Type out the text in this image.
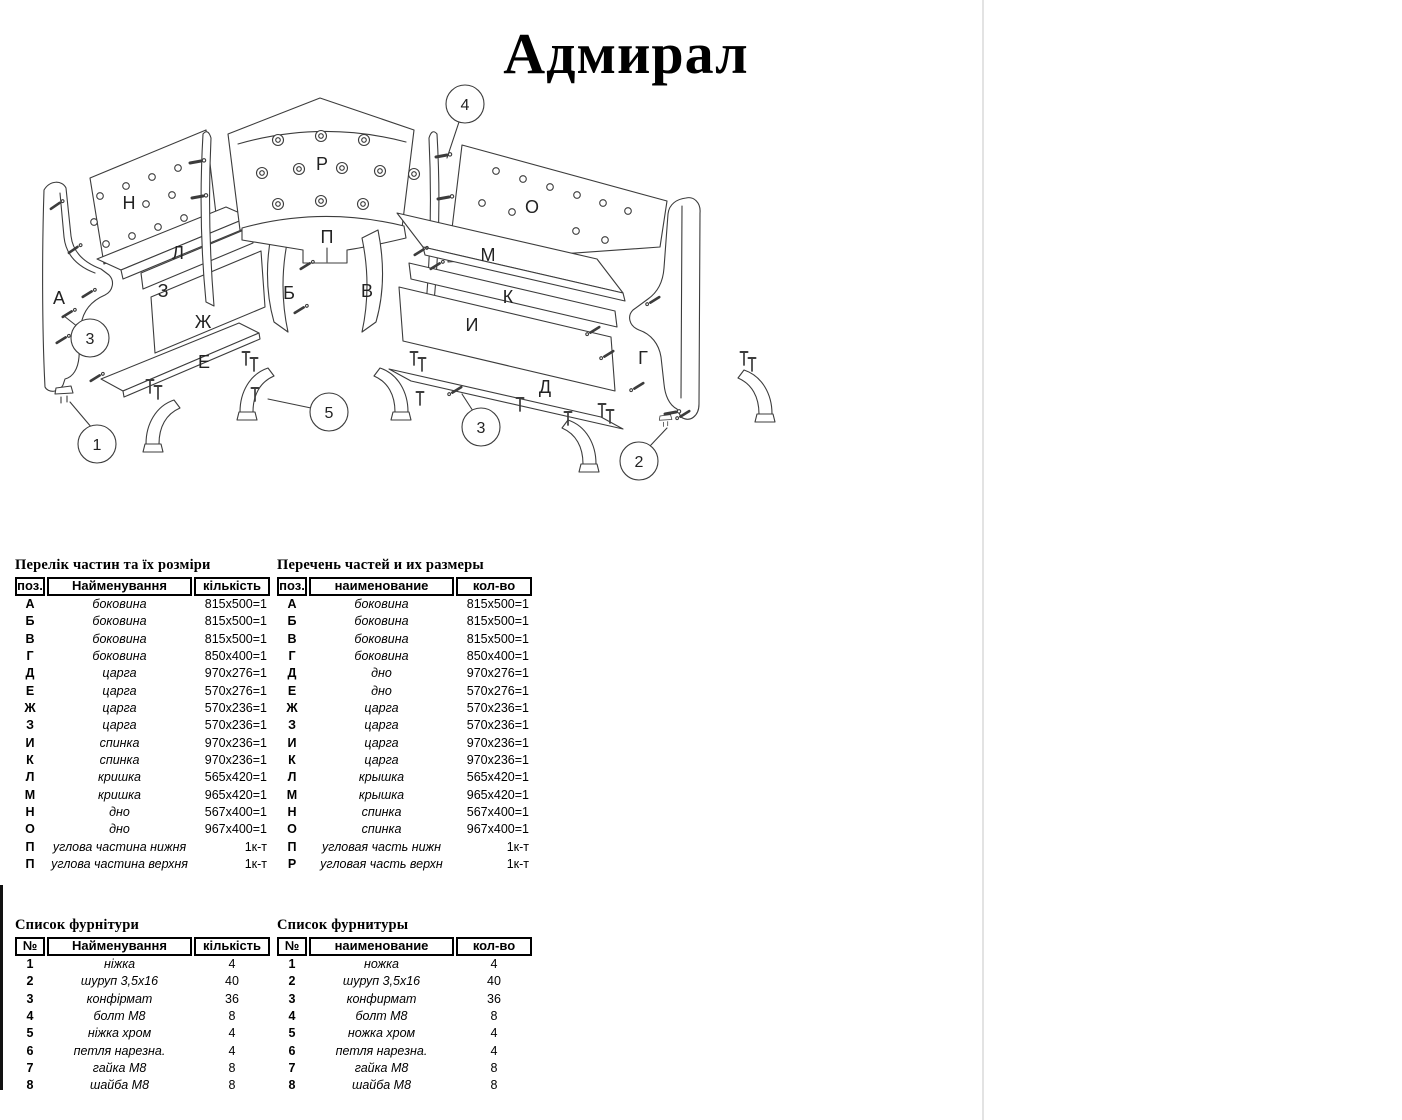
Адмирал
1
2
3
3
4
5
А	Б	В
Г
Д
Е
Ж
З
И
К
Л	М
Н	О
П
Р
Перелік частин та їх розміри
поз.	Найменування	кількість
А	боковина	815x500=1
Б	боковина	815x500=1
В	боковина	815x500=1
Г	боковина	850x400=1
Д	царга	970x276=1
Е	царга	570x276=1
Ж	царга	570x236=1
З	царга	570x236=1
И	спинка	970x236=1
К	спинка	970x236=1
Л	кришка	565x420=1
М	кришка	965x420=1
Н	дно	567x400=1
О	дно	967x400=1
П	углова частина нижня	1к-т
П	углова частина верхня	1к-т
Перечень частей и их размеры
поз.	наименование	кол-во
А	боковина	815x500=1
Б	боковина	815x500=1
В	боковина	815x500=1
Г	боковина	850x400=1
Д	дно	970x276=1
Е	дно	570x276=1
Ж	царга	570x236=1
З	царга	570x236=1
И	царга	970x236=1
К	царга	970x236=1
Л	крышка	565x420=1
М	крышка	965x420=1
Н	спинка	567x400=1
О	спинка	967x400=1
П	угловая часть нижн	1к-т
Р	угловая часть верхн	1к-т
Список фурнітури
№	Найменування	кількість
1	ніжка	4
2	шуруп 3,5х16	40
3	конфірмат	36
4	болт М8	8
5	ніжка хром	4
6	петля нарезна.	4
7	гайка М8	8
8	шайба М8	8
Список фурнитуры
№	наименование	кол-во
1	ножка	4
2	шуруп 3,5х16	40
3	конфирмат	36
4	болт М8	8
5	ножка хром	4
6	петля нарезна.	4
7	гайка М8	8
8	шайба М8	8
